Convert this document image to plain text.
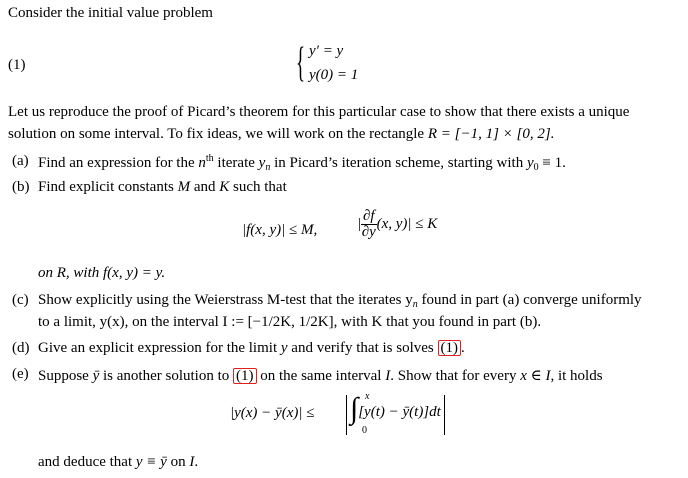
Consider the initial value problem
(1)	{ y′ = y
y(0) = 1
Let us reproduce the proof of Picard’s theorem for this particular case to show that there exists a unique
solution on some interval. To fix ideas, we will work on the rectangle R = [−1, 1] × [0, 2].
(a) Find an expression for the $n^{th}$ iterate $y_n$ in Picard’s iteration scheme, starting with $y_0 \equiv 1$.
(b) Find explicit constants M and K such that
|f(x, y)| ≤ M,	| $\frac{\partial f}{\partial y} (x$, y)| ≤ K
on R, with f(x, y) = y.
(c) Show explicitly using the Weierstrass M-test that the iterates $y_n$ found in part (a) converge uniformly
to a limit, y(x), on the interval I := [−1/2K, 1/2K], with K that you found in part (b).
(d) Give an explicit expression for the limit y and verify that is solves (1) .
(e) Suppose ȳ is another solution to (1) on the same interval I. Show that for every x ∈ I, it holds
|y(x) − ȳ(x)| ≤ ∫[y(t) − ȳ(t)]dt
x
0
and deduce that y ≡ ȳ on I.
